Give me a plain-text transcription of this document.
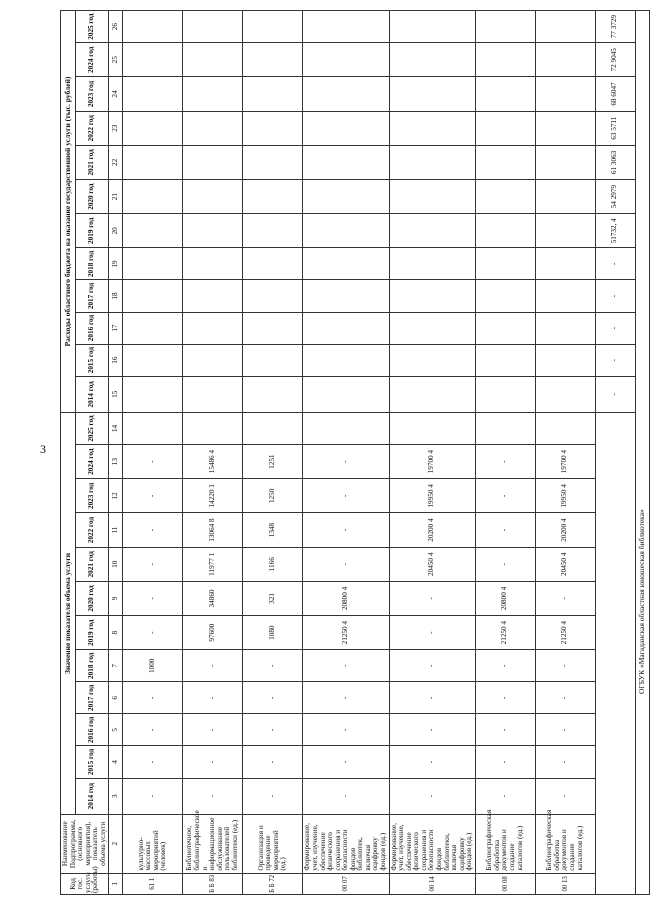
3
Код гос. услуги (работы)	Наименование Подпрограммы, (основного мероприятия), показатель объема услуги	Значение показателя объема услуги												Расходы областного бюджета на оказание государственной услуги (тыс. рублей)											
		2014 год	2015 год	2016 год	2017 год	2018 год	2019 год	2020 год	2021 год	2022 год	2023 год	2024 год	2025 год	2014 год	2015 год	2016 год	2017 год	2018 год	2019 год	2020 год	2021 год	2022 год	2023 год	2024 год	2025 год
1	2	3	4	5	6	7	8	9	10	11	12	13	14	15	16	17	18	19	20	21	22	23	24	25	26
61 1	культурно-массовых мероприятий (человек)	-	-	-	-	1000	-	-	-	-	-	-													
Б Б 83	Библиотечное, библиографическое и информационное обслуживание пользователей библиотеки (ед.)	-	-	-	-	-	97600	34860	11977 1	13064 8	14220 1	15486 4													
Б Б 72	Организация и проведение мероприятий (ед.)	-	-	-	-	-	1080	321	1166	1348	1250	1251													
00 07	Формирование, учет, изучение, обеспечение физического сохранения и безопасности фондов библиотек, включая оцифровку фондов (ед.)	-	-	-	-	-	21250 4	20800 4	-	-	-	-													
00 14	Формирование, учет, изучение, обеспечение физического сохранения и безопасности фондов библиотеки, включая оцифровку фондов (ед.)	-	-	-	-	-	-	-	20450 4	20200 4	19950 4	19700 4													
00 08	Библиографическая обработка документов и создание каталогов (ед.)	-	-	-	-	-	21250 4	20800 4	-	-	-	-													
00 13	Библиографическая обработка документов и создание каталогов (ед.)	-	-	-	-	-	21250 4	-	20450 4	20200 4	19950 4	19700 4													
														-	-	-	-	-	51732, 4	54 2979	61 3063	63 5711	68 6047	72 9045	77 3729
ОГБУК «Магаданская областная юношеская библиотека»																									
